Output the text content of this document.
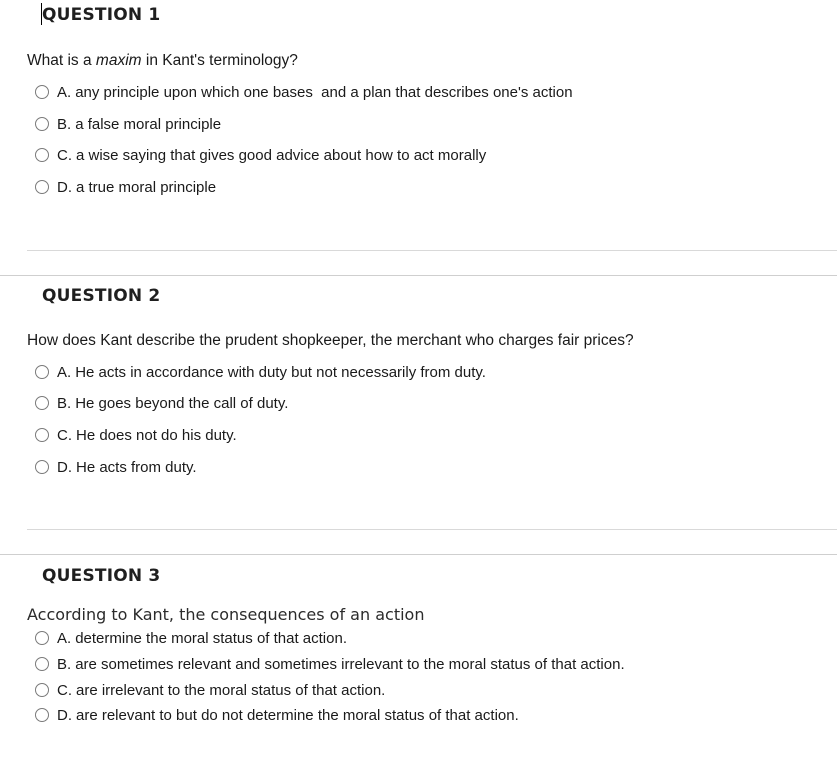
QUESTION 1
What is a maxim in Kant's terminology?
A. any principle upon which one bases  and a plan that describes one's action
B. a false moral principle
C. a wise saying that gives good advice about how to act morally
D. a true moral principle
QUESTION 2
How does Kant describe the prudent shopkeeper, the merchant who charges fair prices?
A. He acts in accordance with duty but not necessarily from duty.
B. He goes beyond the call of duty.
C. He does not do his duty.
D. He acts from duty.
QUESTION 3
According to Kant, the consequences of an action
A. determine the moral status of that action.
B. are sometimes relevant and sometimes irrelevant to the moral status of that action.
C. are irrelevant to the moral status of that action.
D. are relevant to but do not determine the moral status of that action.
